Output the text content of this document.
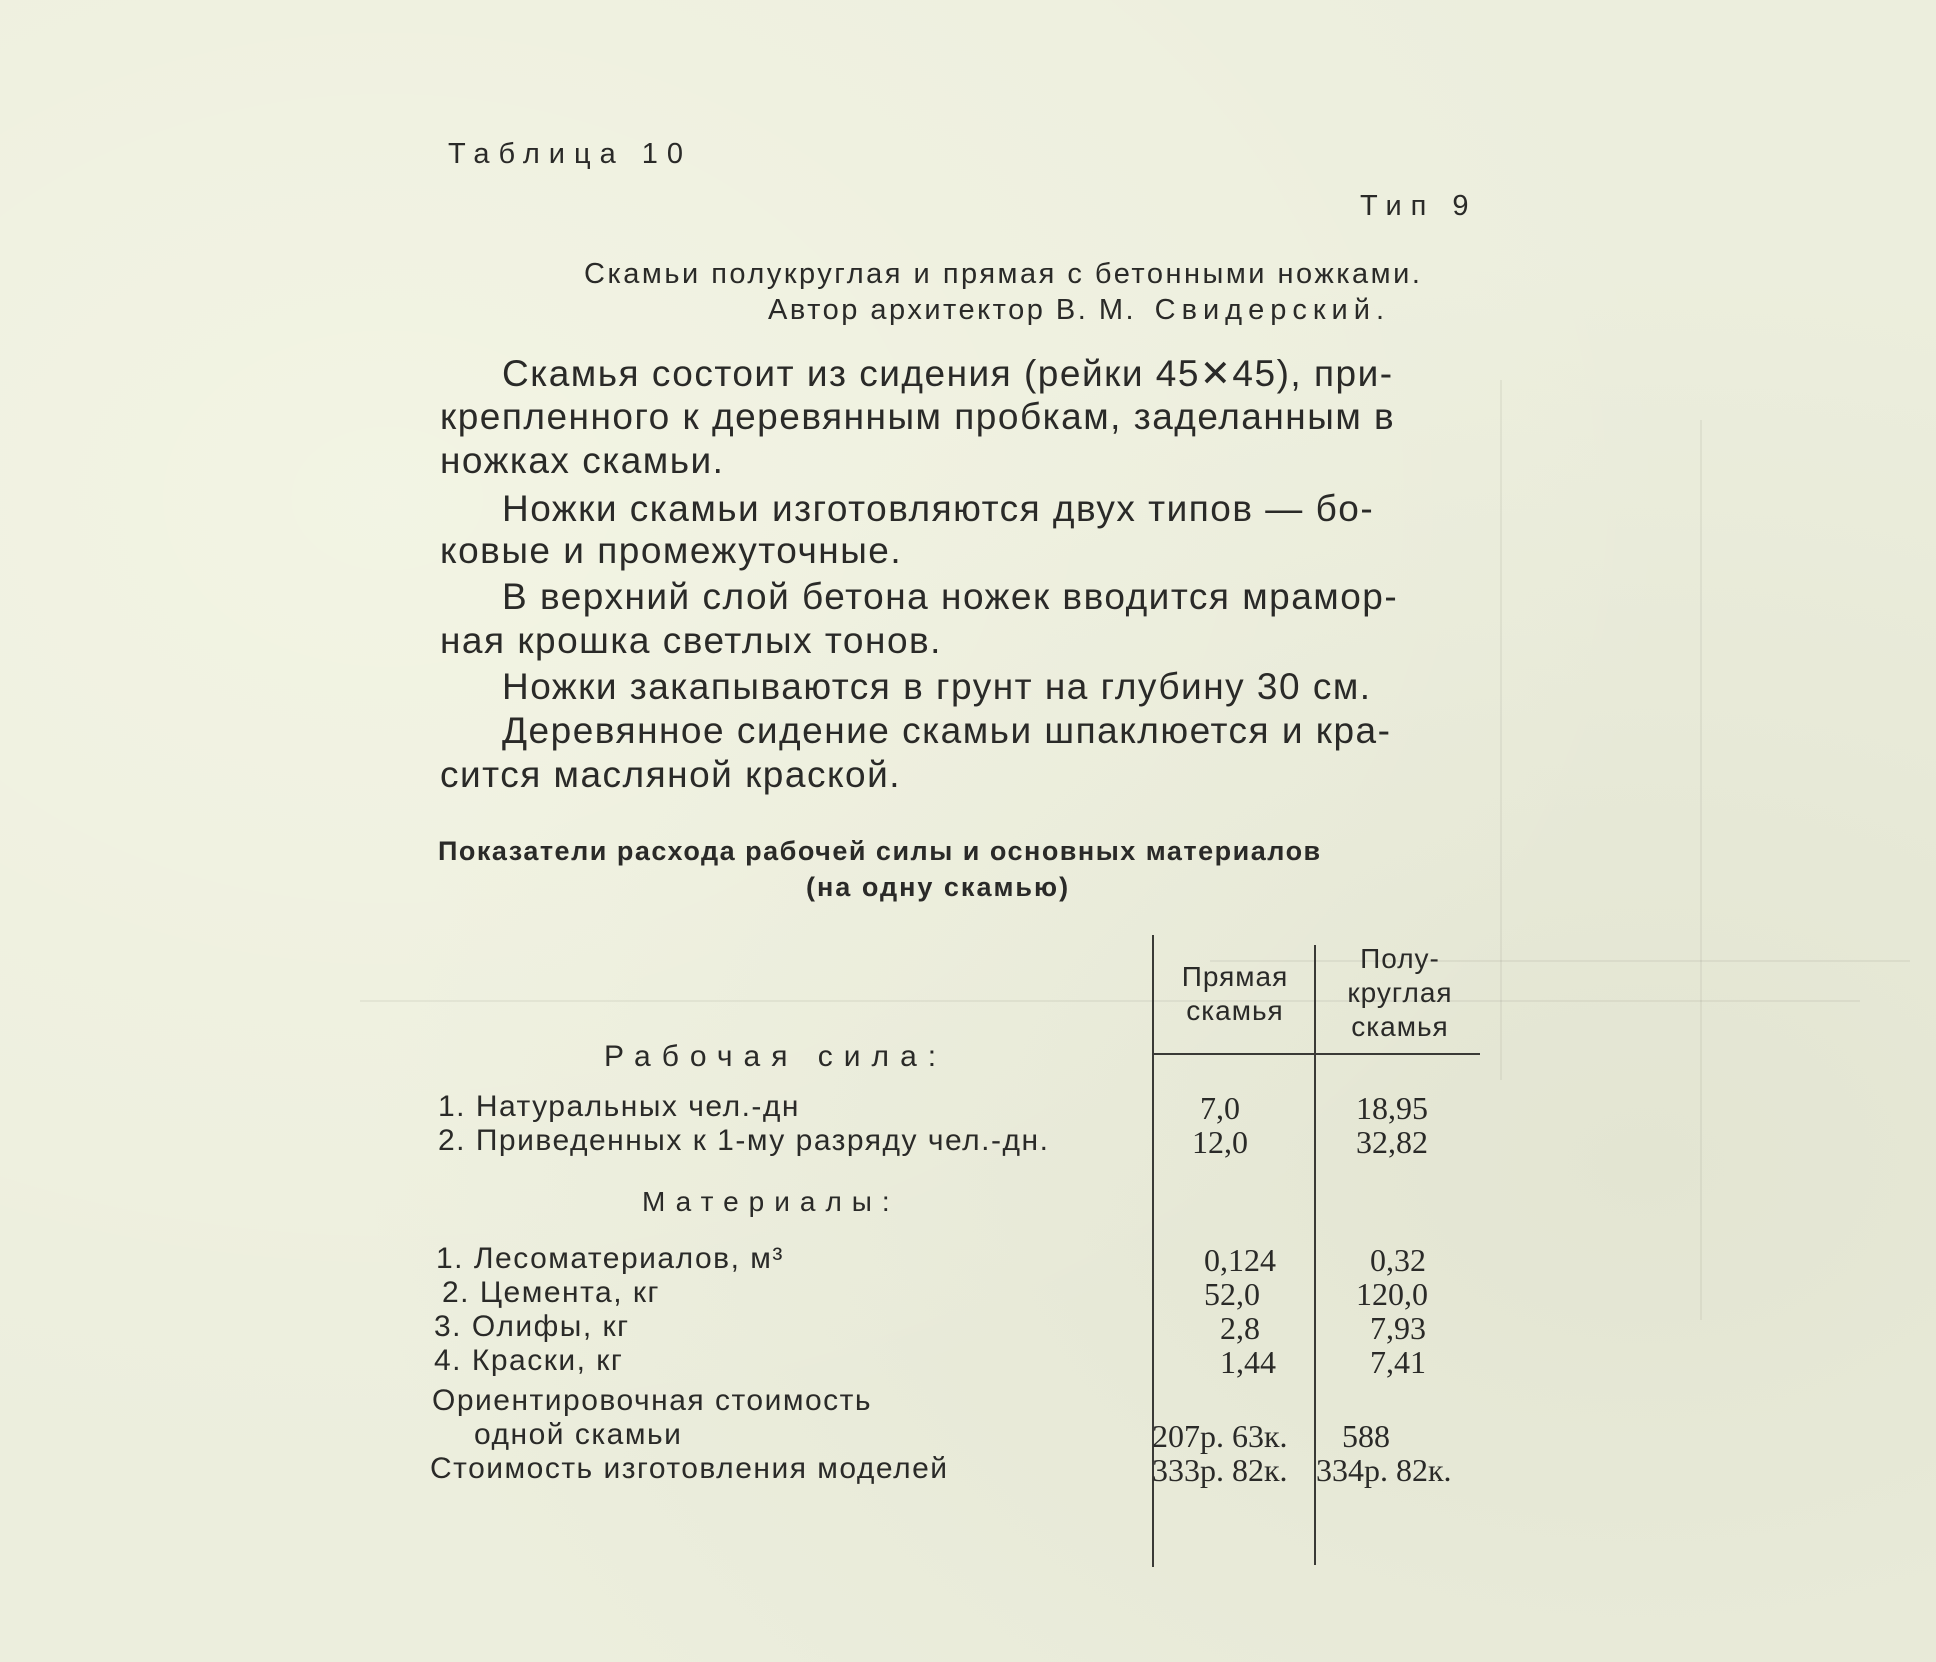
Таблица 10
Тип 9
Скамьи полукруглая и прямая с бетонными ножками.
Автор архитектор В. М. Свидерский.
Скамья состоит из сидения (рейки 45✕45), при-
крепленного к деревянным пробкам, заделанным в
ножках скамьи.
Ножки скамьи изготовляются двух типов — бо-
ковые и промежуточные.
В верхний слой бетона ножек вводится мрамор-
ная крошка светлых тонов.
Ножки закапываются в грунт на глубину 30 см.
Деревянное сидение скамьи шпаклюется и кра-
сится масляной краской.
Показатели расхода рабочей силы и основных материалов
(на одну скамью)
Прямая
скамья
Полу-
круглая
скамья
Рабочая сила:
1. Натуральных чел.-дн	7,0	18,95
2. Приведенных к 1-му разряду чел.-дн.	12,0	32,82
Материалы:
1. Лесоматериалов, м³	0,124	0,32
2. Цемента, кг	52,0	120,0
3. Олифы, кг	2,8	7,93
4. Краски, кг	1,44	7,41
Ориентировочная стоимость
одной скамьи	207р. 63к. 588
Стоимость изготовления моделей	333р. 82к. 334р. 82к.
